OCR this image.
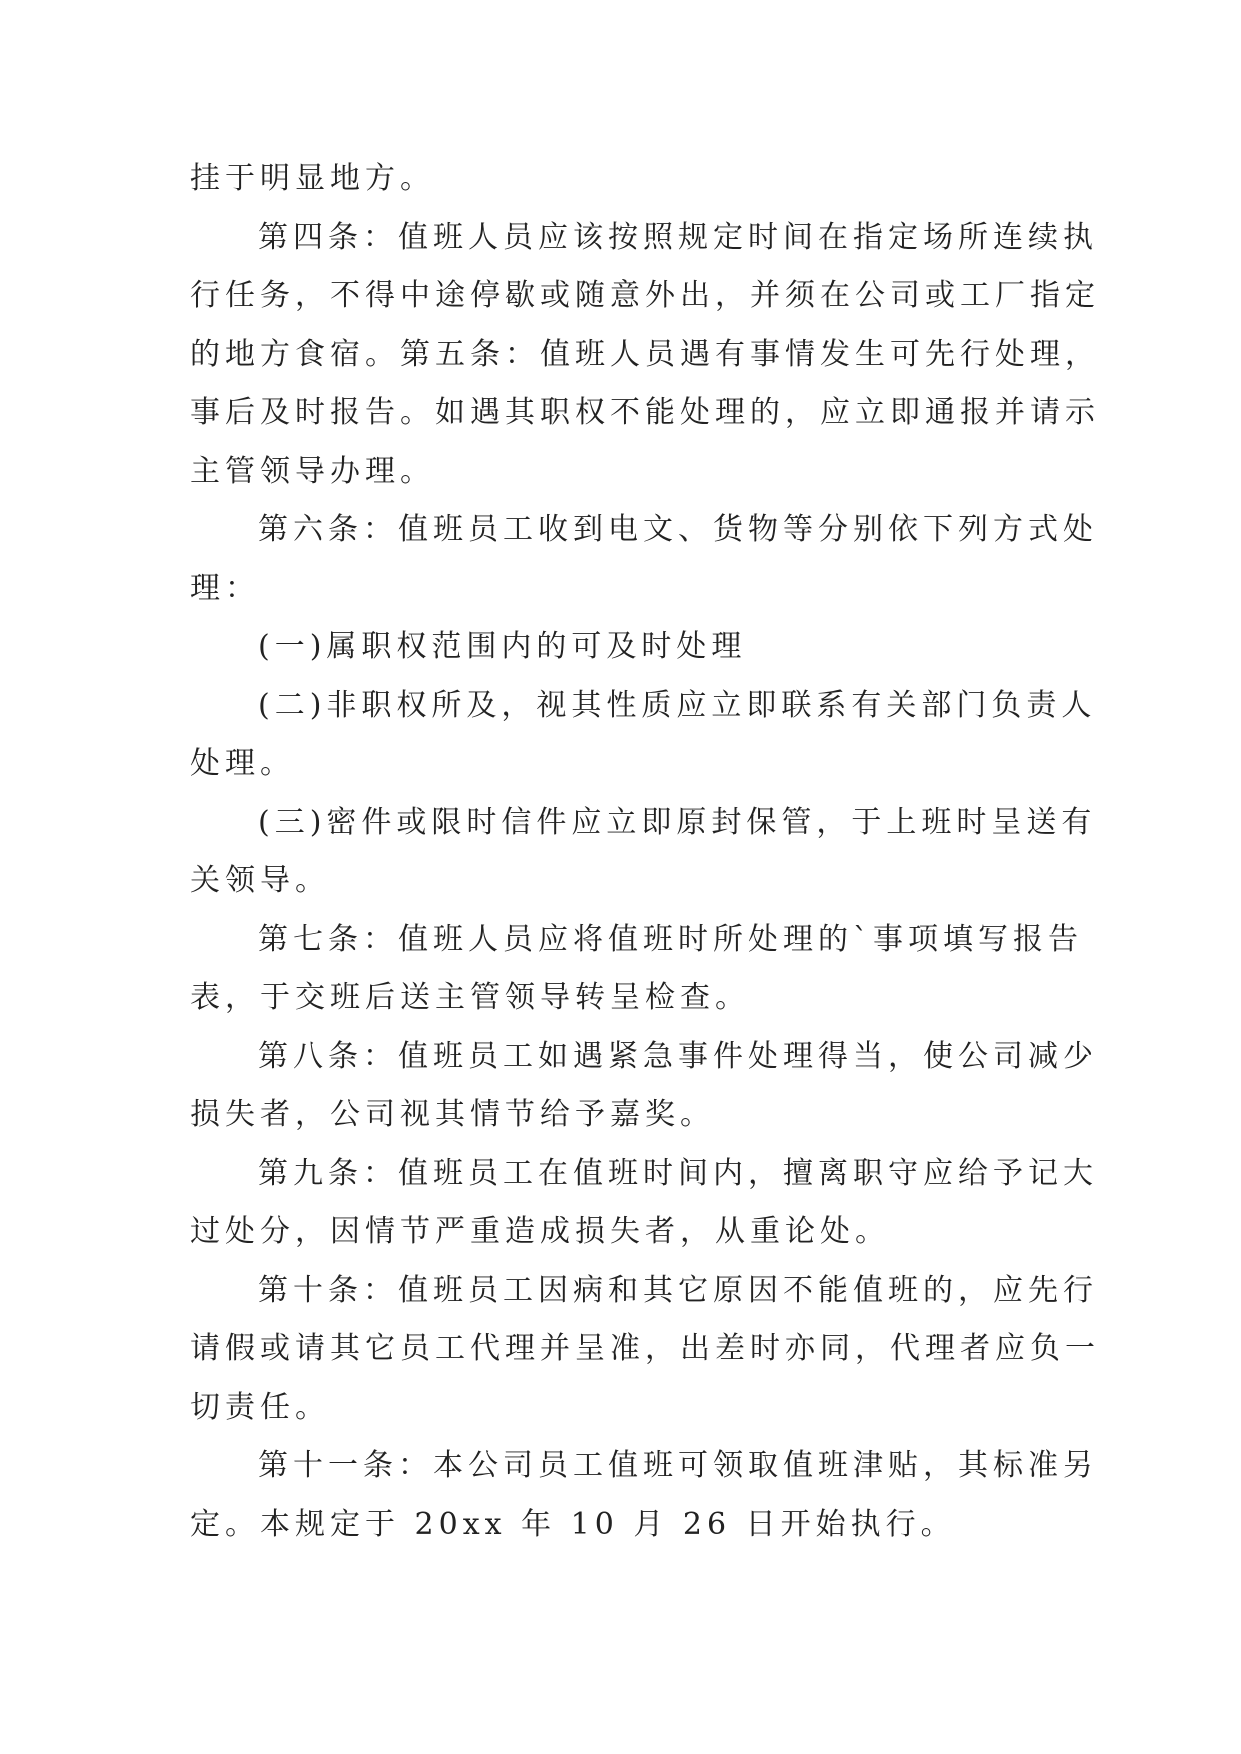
挂于明显地方。
第四条：值班人员应该按照规定时间在指定场所连续执
行任务，不得中途停歇或随意外出，并须在公司或工厂指定
的地方食宿。第五条：值班人员遇有事情发生可先行处理，
事后及时报告。如遇其职权不能处理的，应立即通报并请示
主管领导办理。
第六条：值班员工收到电文、货物等分别依下列方式处
理：
(一)属职权范围内的可及时处理
(二)非职权所及，视其性质应立即联系有关部门负责人
处理。
(三)密件或限时信件应立即原封保管，于上班时呈送有
关领导。
第七条：值班人员应将值班时所处理的`事项填写报告
表，于交班后送主管领导转呈检查。
第八条：值班员工如遇紧急事件处理得当，使公司减少
损失者，公司视其情节给予嘉奖。
第九条：值班员工在值班时间内，擅离职守应给予记大
过处分，因情节严重造成损失者，从重论处。
第十条：值班员工因病和其它原因不能值班的，应先行
请假或请其它员工代理并呈准，出差时亦同，代理者应负一
切责任。
第十一条：本公司员工值班可领取值班津贴，其标准另
定。本规定于 20xx 年 10 月 26 日开始执行。
